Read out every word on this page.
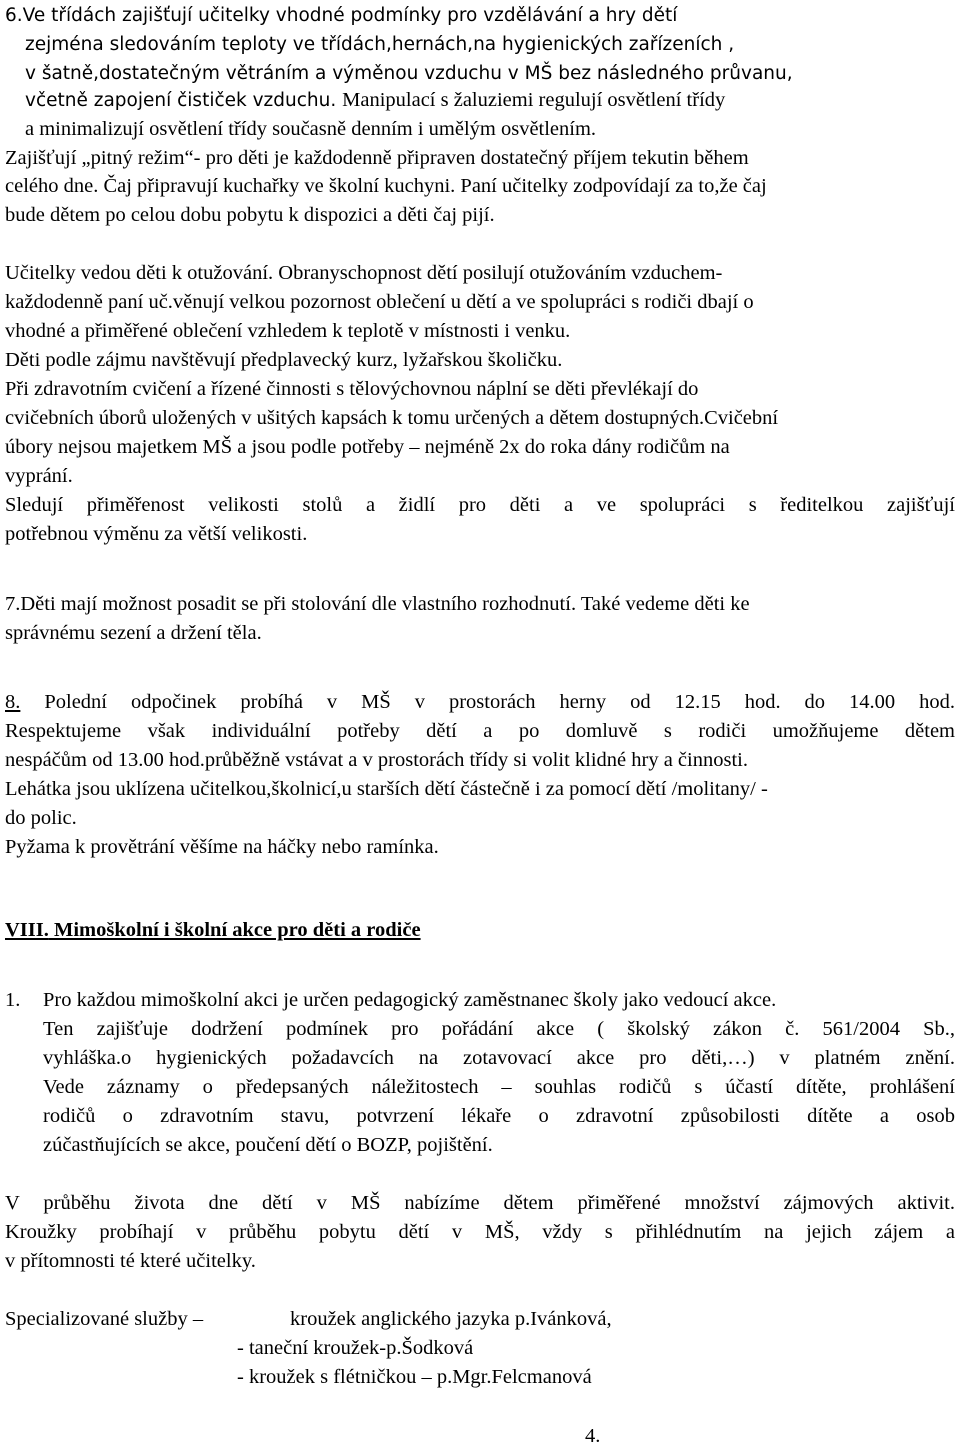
6.Ve třídách zajišťují učitelky vhodné podmínky pro vzdělávání a hry dětí
zejména sledováním teploty ve třídách,hernách,na hygienických zařízeních ,
v šatně,dostatečným větráním a výměnou vzduchu v MŠ bez následného průvanu,
včetně zapojení čističek vzduchu. Manipulací s žaluziemi regulují osvětlení třídy
a minimalizují osvětlení třídy současně denním i umělým osvětlením.
Zajišťují „pitný režim“- pro děti je každodenně připraven dostatečný příjem tekutin během
celého dne. Čaj připravují kuchařky ve školní kuchyni. Paní učitelky zodpovídají za to,že čaj
bude dětem po celou dobu pobytu k dispozici a děti čaj pijí.
Učitelky vedou děti k otužování. Obranyschopnost dětí posilují otužováním vzduchem-
každodenně paní uč.věnují velkou pozornost oblečení u dětí a ve spolupráci s rodiči dbají o
vhodné a přiměřené oblečení vzhledem k teplotě v místnosti i venku.
Děti podle zájmu navštěvují předplavecký kurz, lyžařskou školičku.
Při zdravotním cvičení a řízené činnosti s tělovýchovnou náplní se děti převlékají do
cvičebních úborů uložených v ušitých kapsách k tomu určených a dětem dostupných.Cvičební
úbory nejsou majetkem MŠ a jsou podle potřeby – nejméně 2x do roka dány rodičům na
vyprání.
Sledují přiměřenost velikosti stolů a židlí pro děti a ve spolupráci s ředitelkou zajišťují
potřebnou výměnu za větší velikosti.
7.Děti mají možnost posadit se při stolování dle vlastního rozhodnutí. Také vedeme děti ke
správnému sezení a držení těla.
8. Polední odpočinek probíhá v MŠ v prostorách herny od 12.15 hod. do 14.00 hod.
Respektujeme však individuální potřeby dětí a po domluvě s rodiči umožňujeme dětem
nespáčům od 13.00 hod.průběžně vstávat a v prostorách třídy si volit klidné hry a činnosti.
Lehátka jsou uklízena učitelkou,školnicí,u starších dětí částečně i za pomocí dětí /molitany/ -
do polic.
Pyžama k provětrání věšíme na háčky nebo ramínka.
VIII. Mimoškolní i školní akce pro děti a rodiče
1. Pro každou mimoškolní akci je určen pedagogický zaměstnanec školy jako vedoucí akce.
Ten zajišťuje dodržení podmínek pro pořádání akce ( školský zákon č. 561/2004 Sb.,
vyhláška.o hygienických požadavcích na zotavovací akce pro děti,…) v platném znění.
Vede záznamy o předepsaných náležitostech – souhlas rodičů s účastí dítěte, prohlášení
rodičů o zdravotním stavu, potvrzení lékaře o zdravotní způsobilosti dítěte a osob
zúčastňujících se akce, poučení dětí o BOZP, pojištění.
V průběhu života dne dětí v MŠ nabízíme dětem přiměřené množství zájmových aktivit.
Kroužky probíhají v průběhu pobytu dětí v MŠ, vždy s přihlédnutím na jejich zájem a
v přítomnosti té které učitelky.
Specializované služby –	kroužek anglického jazyka p.Ivánková,
- taneční kroužek-p.Šodková
- kroužek s flétničkou – p.Mgr.Felcmanová
4.
